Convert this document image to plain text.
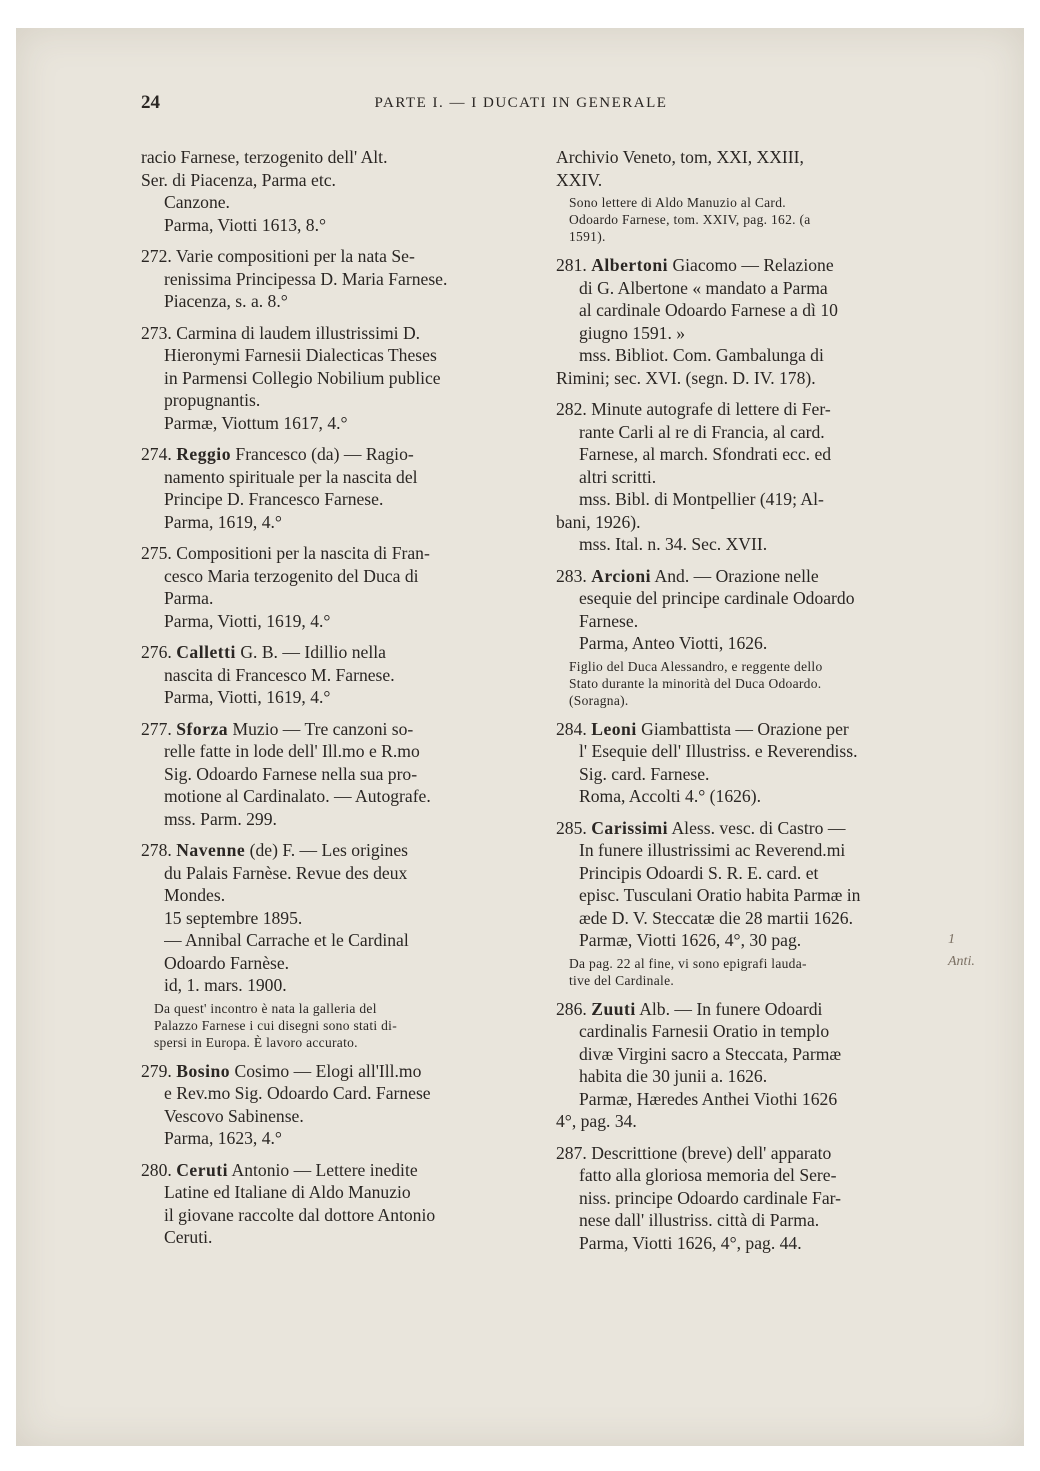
24	PARTE I. — I DUCATI IN GENERALE
racio Farnese, terzogenito dell' Alt.
Ser. di Piacenza, Parma etc.
Canzone.
Parma, Viotti 1613, 8.°
272. Varie compositioni per la nata Se-
renissima Principessa D. Maria Farnese.
Piacenza, s. a. 8.°
273. Carmina di laudem illustrissimi D.
Hieronymi Farnesii Dialecticas Theses
in Parmensi Collegio Nobilium publice
propugnantis.
Parmæ, Viottum 1617, 4.°
274. Reggio Francesco (da) — Ragio-
namento spirituale per la nascita del
Principe D. Francesco Farnese.
Parma, 1619, 4.°
275. Compositioni per la nascita di Fran-
cesco Maria terzogenito del Duca di
Parma.
Parma, Viotti, 1619, 4.°
276. Calletti G. B. — Idillio nella
nascita di Francesco M. Farnese.
Parma, Viotti, 1619, 4.°
277. Sforza Muzio — Tre canzoni so-
relle fatte in lode dell' Ill.mo e R.mo
Sig. Odoardo Farnese nella sua pro-
motione al Cardinalato. — Autografe.
mss. Parm. 299.
278. Navenne (de) F. — Les origines
du Palais Farnèse. Revue des deux
Mondes.
15 septembre 1895.
— Annibal Carrache et le Cardinal
Odoardo Farnèse.
id, 1. mars. 1900.
Da quest' incontro è nata la galleria del
Palazzo Farnese i cui disegni sono stati di-
spersi in Europa. È lavoro accurato.
279. Bosino Cosimo — Elogi all'Ill.mo
e Rev.mo Sig. Odoardo Card. Farnese
Vescovo Sabinense.
Parma, 1623, 4.°
280. Ceruti Antonio — Lettere inedite
Latine ed Italiane di Aldo Manuzio
il giovane raccolte dal dottore Antonio
Ceruti.
Archivio Veneto, tom, XXI, XXIII,
XXIV.
Sono lettere di Aldo Manuzio al Card.
Odoardo Farnese, tom. XXIV, pag. 162. (a
1591).
281. Albertoni Giacomo — Relazione
di G. Albertone « mandato a Parma
al cardinale Odoardo Farnese a dì 10
giugno 1591. »
mss. Bibliot. Com. Gambalunga di
Rimini; sec. XVI. (segn. D. IV. 178).
282. Minute autografe di lettere di Fer-
rante Carli al re di Francia, al card.
Farnese, al march. Sfondrati ecc. ed
altri scritti.
mss. Bibl. di Montpellier (419; Al-
bani, 1926).
mss. Ital. n. 34. Sec. XVII.
283. Arcioni And. — Orazione nelle
esequie del principe cardinale Odoardo
Farnese.
Parma, Anteo Viotti, 1626.
Figlio del Duca Alessandro, e reggente dello
Stato durante la minorità del Duca Odoardo.
(Soragna).
284. Leoni Giambattista — Orazione per
l' Esequie dell' Illustriss. e Reverendiss.
Sig. card. Farnese.
Roma, Accolti 4.° (1626).
285. Carissimi Aless. vesc. di Castro —
In funere illustrissimi ac Reverend.mi
Principis Odoardi S. R. E. card. et
episc. Tusculani Oratio habita Parmæ in
æde D. V. Steccatæ die 28 martii 1626.
Parmæ, Viotti 1626, 4°, 30 pag.	1 Anti.
Da pag. 22 al fine, vi sono epigrafi lauda-
tive del Cardinale.
286. Zuuti Alb. — In funere Odoardi
cardinalis Farnesii Oratio in templo
divæ Virgini sacro a Steccata, Parmæ
habita die 30 junii a. 1626.
Parmæ, Hæredes Anthei Viothi 1626
4°, pag. 34.
287. Descrittione (breve) dell' apparato
fatto alla gloriosa memoria del Sere-
niss. principe Odoardo cardinale Far-
nese dall' illustriss. città di Parma.
Parma, Viotti 1626, 4°, pag. 44.
